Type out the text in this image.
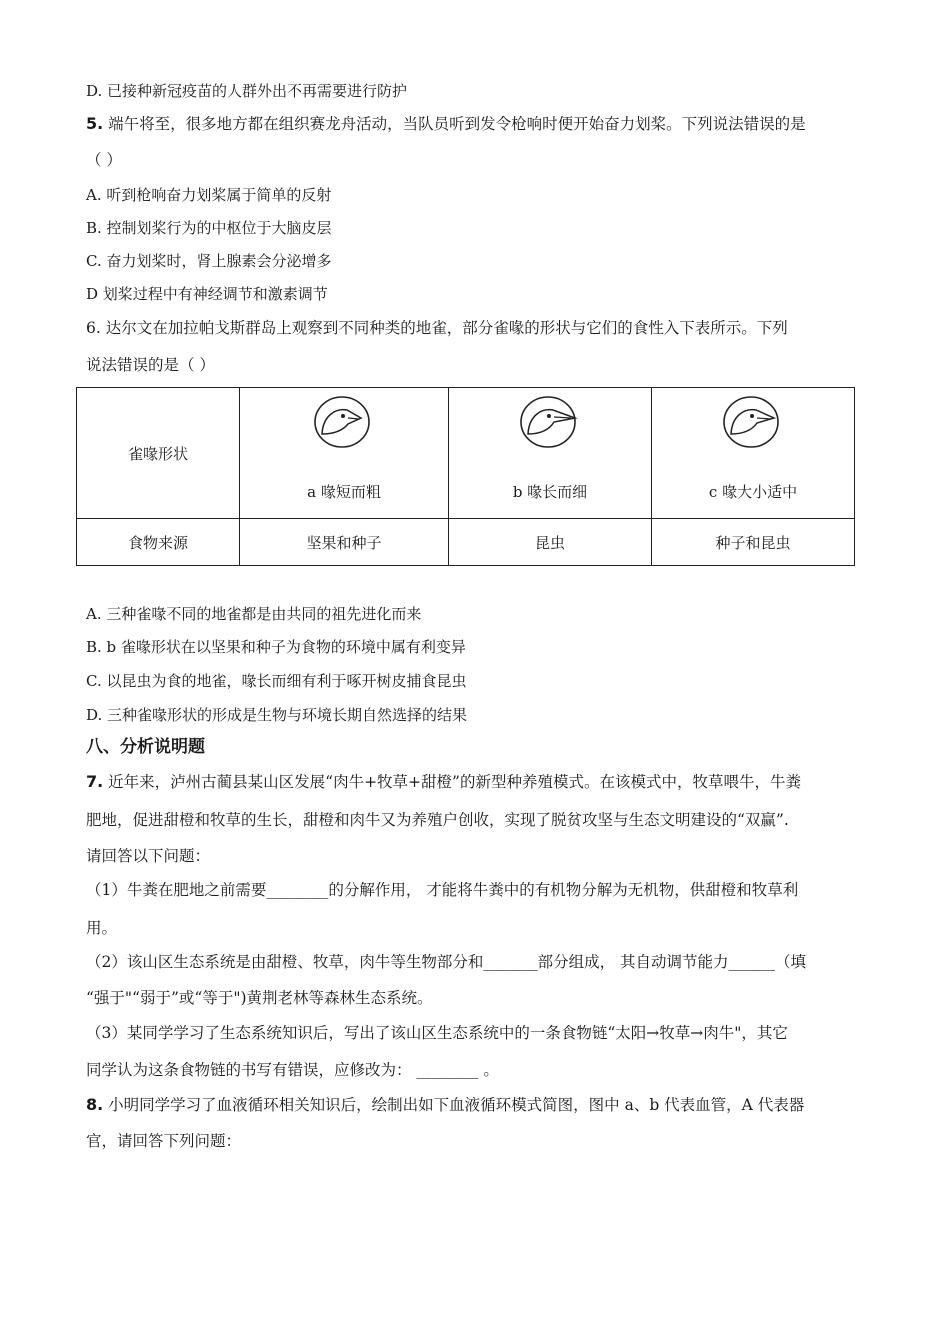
D. 已接种新冠疫苗的人群外出不再需要进行防护
5. 端午将至，很多地方都在组织赛龙舟活动，当队员听到发令枪响时便开始奋力划桨。下列说法错误的是
（ ）
A. 听到枪响奋力划桨属于简单的反射
B. 控制划桨行为的中枢位于大脑皮层
C. 奋力划桨时，肾上腺素会分泌增多
D 划桨过程中有神经调节和激素调节
6. 达尔文在加拉帕戈斯群岛上观察到不同种类的地雀，部分雀喙的形状与它们的食性入下表所示。下列
说法错误的是（ ）
雀喙形状	a 喙短而粗	b 喙长而细	c 喙大小适中

食物来源	坚果和种子	昆虫	种子和昆虫
A. 三种雀喙不同的地雀都是由共同的祖先进化而来
B. b 雀喙形状在以坚果和种子为食物的环境中属有利变异
C. 以昆虫为食的地雀，喙长而细有利于啄开树皮捕食昆虫
D. 三种雀喙形状的形成是生物与环境长期自然选择的结果
八、分析说明题
7. 近年来，泸州古蔺县某山区发展“肉牛+牧草+甜橙”的新型种养殖模式。在该模式中，牧草喂牛，牛粪
肥地，促进甜橙和牧草的生长，甜橙和肉牛又为养殖户创收，实现了脱贫攻坚与生态文明建设的“双赢”.
请回答以下问题：
（1）牛粪在肥地之前需要________的分解作用， 才能将牛粪中的有机物分解为无机物，供甜橙和牧草利
用。
（2）该山区生态系统是由甜橙、牧草，肉牛等生物部分和_______部分组成， 其自动调节能力______（填
“强于"“弱于”或“等于")黄荆老林等森林生态系统。
（3）某同学学习了生态系统知识后，写出了该山区生态系统中的一条食物链“太阳→牧草→肉牛"，其它
同学认为这条食物链的书写有错误，应修改为： ________ 。
8. 小明同学学习了血液循环相关知识后，绘制出如下血液循环模式简图，图中 a、b 代表血管，A 代表器
官，请回答下列问题：
